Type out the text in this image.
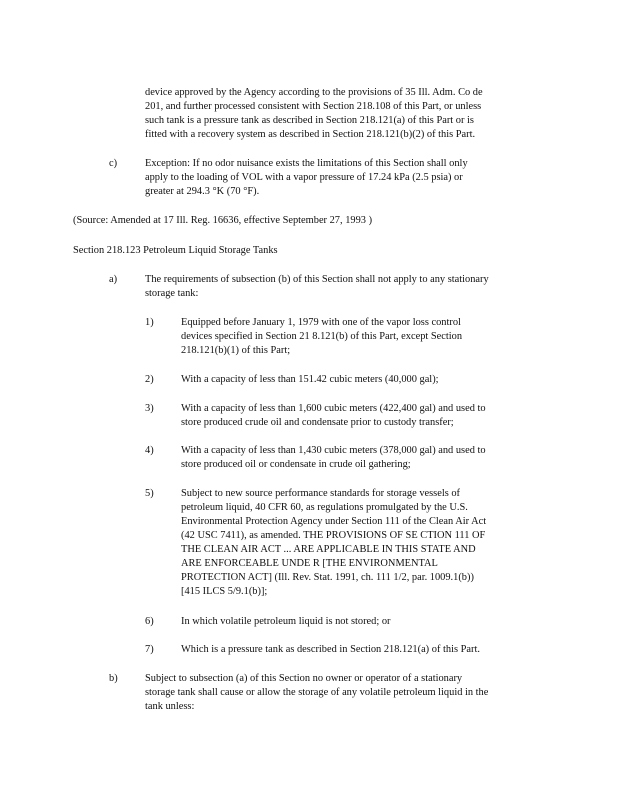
device approved by the Agency according to the provisions of 35 Ill. Adm. Co de
201, and further processed consistent with Section 218.108 of this Part, or unless
such tank is a pressure tank as described in Section 218.121(a) of this Part or is
fitted with a recovery system as described in Section 218.121(b)(2) of this Part.
c)	Exception: If no odor nuisance exists the limitations of this Section shall only
apply to the loading of VOL with a vapor pressure of 17.24 kPa (2.5 psia) or
greater at 294.3 °K (70 °F).
(Source: Amended at 17 Ill. Reg. 16636, effective September 27, 1993 )
Section 218.123 Petroleum Liquid Storage Tanks
a)	The requirements of subsection (b) of this Section shall not apply to any stationary
storage tank:
1)	Equipped before January 1, 1979 with one of the vapor loss control
devices specified in Section 21 8.121(b) of this Part, except Section
218.121(b)(1) of this Part;
2)	With a capacity of less than 151.42 cubic meters (40,000 gal);
3)	With a capacity of less than 1,600 cubic meters (422,400 gal) and used to
store produced crude oil and condensate prior to custody transfer;
4)	With a capacity of less than 1,430 cubic meters (378,000 gal) and used to
store produced oil or condensate in crude oil gathering;
5)	Subject to new source performance standards for storage vessels of
petroleum liquid, 40 CFR 60, as regulations promulgated by the U.S.
Environmental Protection Agency under Section 111 of the Clean Air Act
(42 USC 7411), as amended. THE PROVISIONS OF SE CTION 111 OF
THE CLEAN AIR ACT ... ARE APPLICABLE IN THIS STATE AND
ARE ENFORCEABLE UNDE R [THE ENVIRONMENTAL
PROTECTION ACT] (Ill. Rev. Stat. 1991, ch. 111 1/2, par. 1009.1(b))
[415 ILCS 5/9.1(b)];
6)	In which volatile petroleum liquid is not stored; or
7)	Which is a pressure tank as described in Section 218.121(a) of this Part.
b)	Subject to subsection (a) of this Section no owner or operator of a stationary
storage tank shall cause or allow the storage of any volatile petroleum liquid in the
tank unless:
